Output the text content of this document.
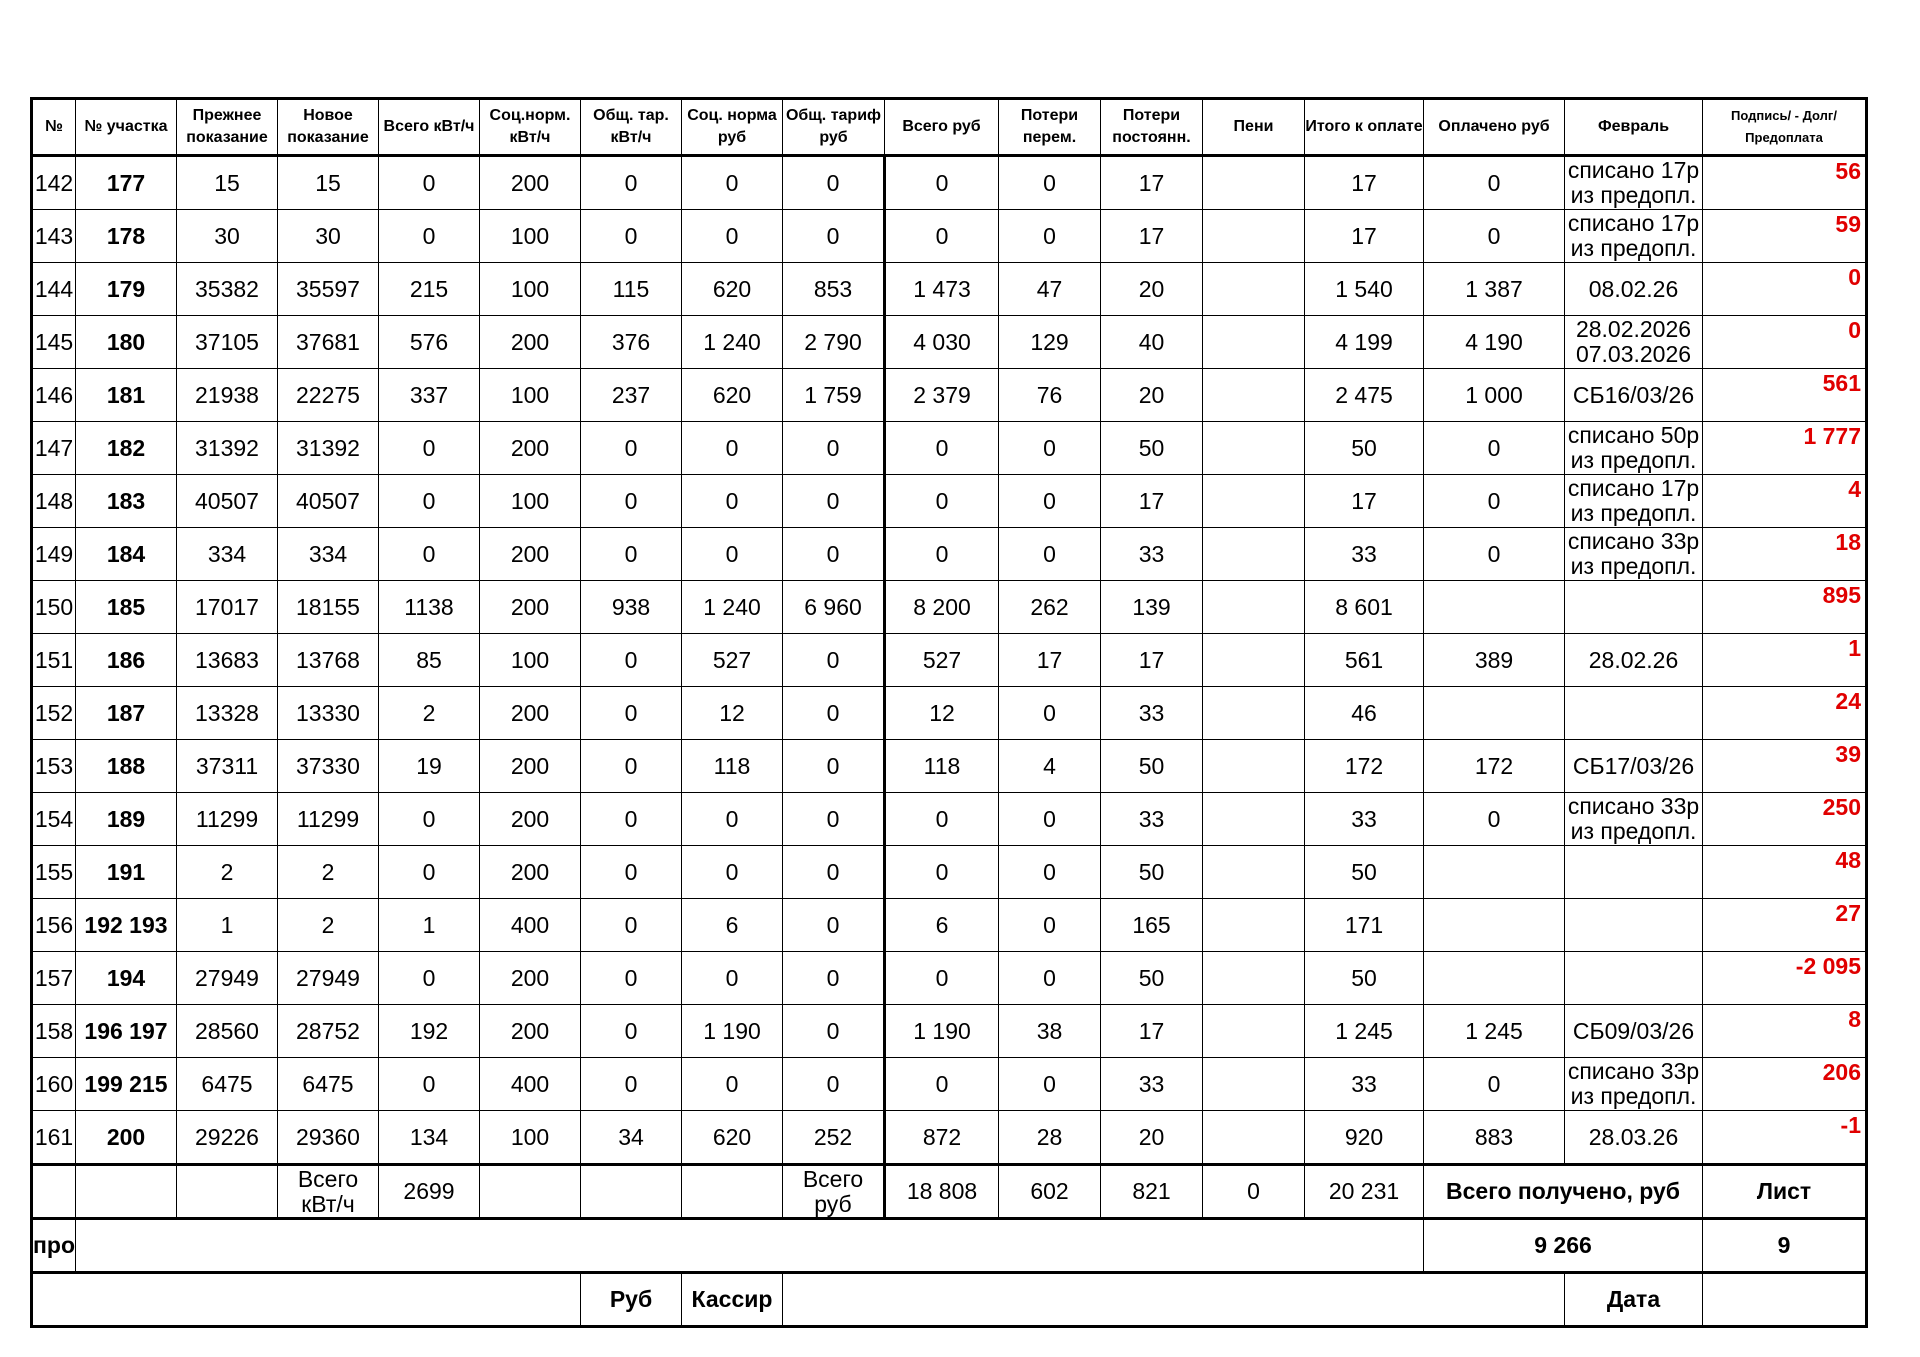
№	№ участка	Прежнее показание	Новое показание	Всего кВт/ч	Соц.норм. кВт/ч	Общ. тар. кВт/ч	Соц. норма руб	Общ. тариф руб	Всего руб	Потери перем.	Потери постоянн.	Пени	Итого к оплате	Оплачено руб	Февраль	Подпись/ - Долг/Предоплата
142	177	15	15	0	200	0	0	0	0	0	17		17	0	списано 17р из предопл.	56
143	178	30	30	0	100	0	0	0	0	0	17		17	0	списано 17р из предопл.	59
144	179	35382	35597	215	100	115	620	853	1 473	47	20		1 540	1 387	08.02.26	0
145	180	37105	37681	576	200	376	1 240	2 790	4 030	129	40		4 199	4 190	28.02.2026 07.03.2026	0
146	181	21938	22275	337	100	237	620	1 759	2 379	76	20		2 475	1 000	СБ16/03/26	561
147	182	31392	31392	0	200	0	0	0	0	0	50		50	0	списано 50р из предопл.	1 777
148	183	40507	40507	0	100	0	0	0	0	0	17		17	0	списано 17р из предопл.	4
149	184	334	334	0	200	0	0	0	0	0	33		33	0	списано 33р из предопл.	18
150	185	17017	18155	1138	200	938	1 240	6 960	8 200	262	139		8 601			895
151	186	13683	13768	85	100	0	527	0	527	17	17		561	389	28.02.26	1
152	187	13328	13330	2	200	0	12	0	12	0	33		46			24
153	188	37311	37330	19	200	0	118	0	118	4	50		172	172	СБ17/03/26	39
154	189	11299	11299	0	200	0	0	0	0	0	33		33	0	списано 33р из предопл.	250
155	191	2	2	0	200	0	0	0	0	0	50		50			48
156	192 193	1	2	1	400	0	6	0	6	0	165		171			27
157	194	27949	27949	0	200	0	0	0	0	0	50		50			-2 095
158	196 197	28560	28752	192	200	0	1 190	0	1 190	38	17		1 245	1 245	СБ09/03/26	8
160	199 215	6475	6475	0	400	0	0	0	0	0	33		33	0	списано 33р из предопл.	206
161	200	29226	29360	134	100	34	620	252	872	28	20		920	883	28.03.26	-1
			Всего кВт/ч	2699				Всего руб	18 808	602	821	0	20 231	Всего получено, руб		Лист
про														9 266		9
						Руб	Кассир								Дата	
